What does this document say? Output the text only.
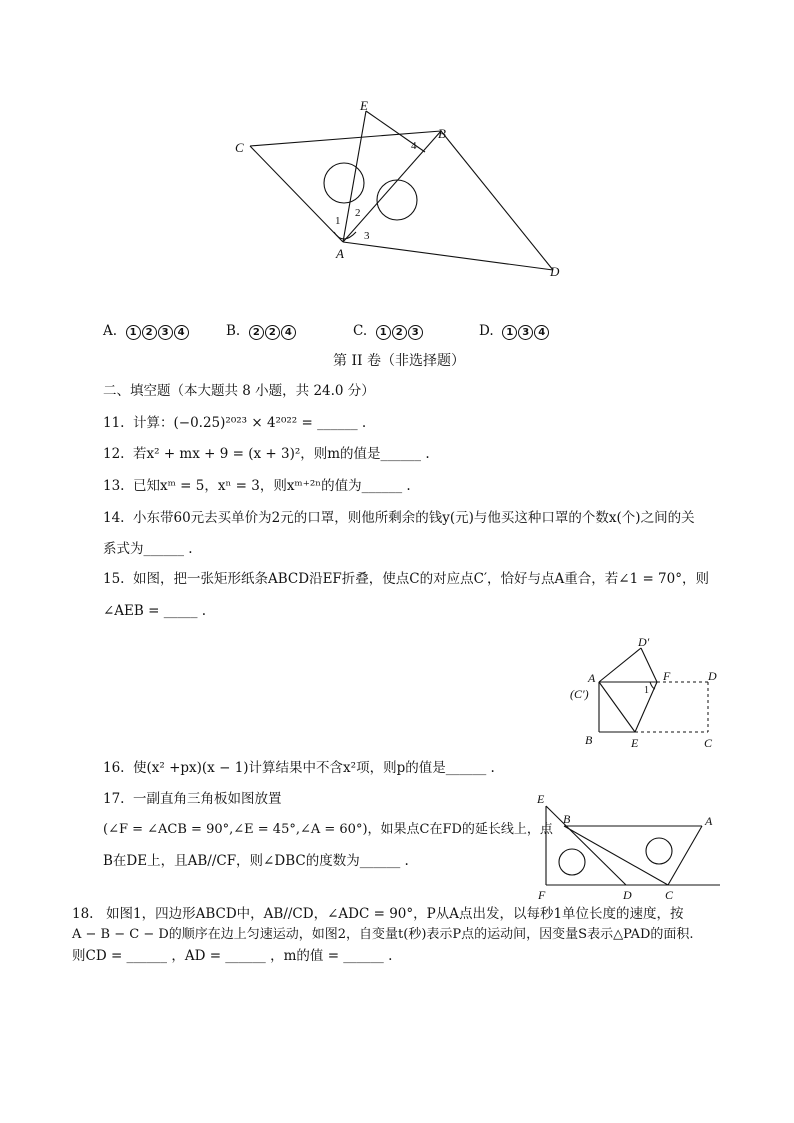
E
B
C
A
D
1
2
3
4
A. 1 2 3 4	B. 2 2 4	C. 1 2 3	D. 1 3 4
第 II 卷（非选择题）
二、填空题（本大题共 8 小题，共 24.0 分）
11. 计算：(−0.25)²⁰²³ × 4²⁰²² = ______ .
12. 若x² + mx + 9 = (x + 3)²，则m的值是______ .
13. 已知xᵐ = 5，xⁿ = 3，则xᵐ⁺²ⁿ的值为______ .
14. 小东带60元去买单价为2元的口罩，则他所剩余的钱y(元)与他买这种口罩的个数x(个)之间的关
系式为______ .
15. 如图，把一张矩形纸条ABCD沿EF折叠，使点C的对应点C′，恰好与点A重合，若∠1 = 70°，则
∠AEB = _____ .
D′
A	F	D
(C′)
B	E	C
1
16. 使(x² +px)(x − 1)计算结果中不含x²项，则p的值是______ .
17. 一副直角三角板如图放置
(∠F = ∠ACB = 90°,∠E = 45°,∠A = 60°)，如果点C在FD的延长线上，点
B在DE上，且AB//CF，则∠DBC的度数为______ .
E
B	A
F	D	C
18. 如图1，四边形ABCD中，AB//CD，∠ADC = 90°，P从A点出发，以每秒1单位长度的速度，按
A − B − C − D的顺序在边上匀速运动，如图2，自变量t(秒)表示P点的运动间，因变量S表示△PAD的面积.
则CD = ______ ，AD = ______ ，m的值 = ______ .
